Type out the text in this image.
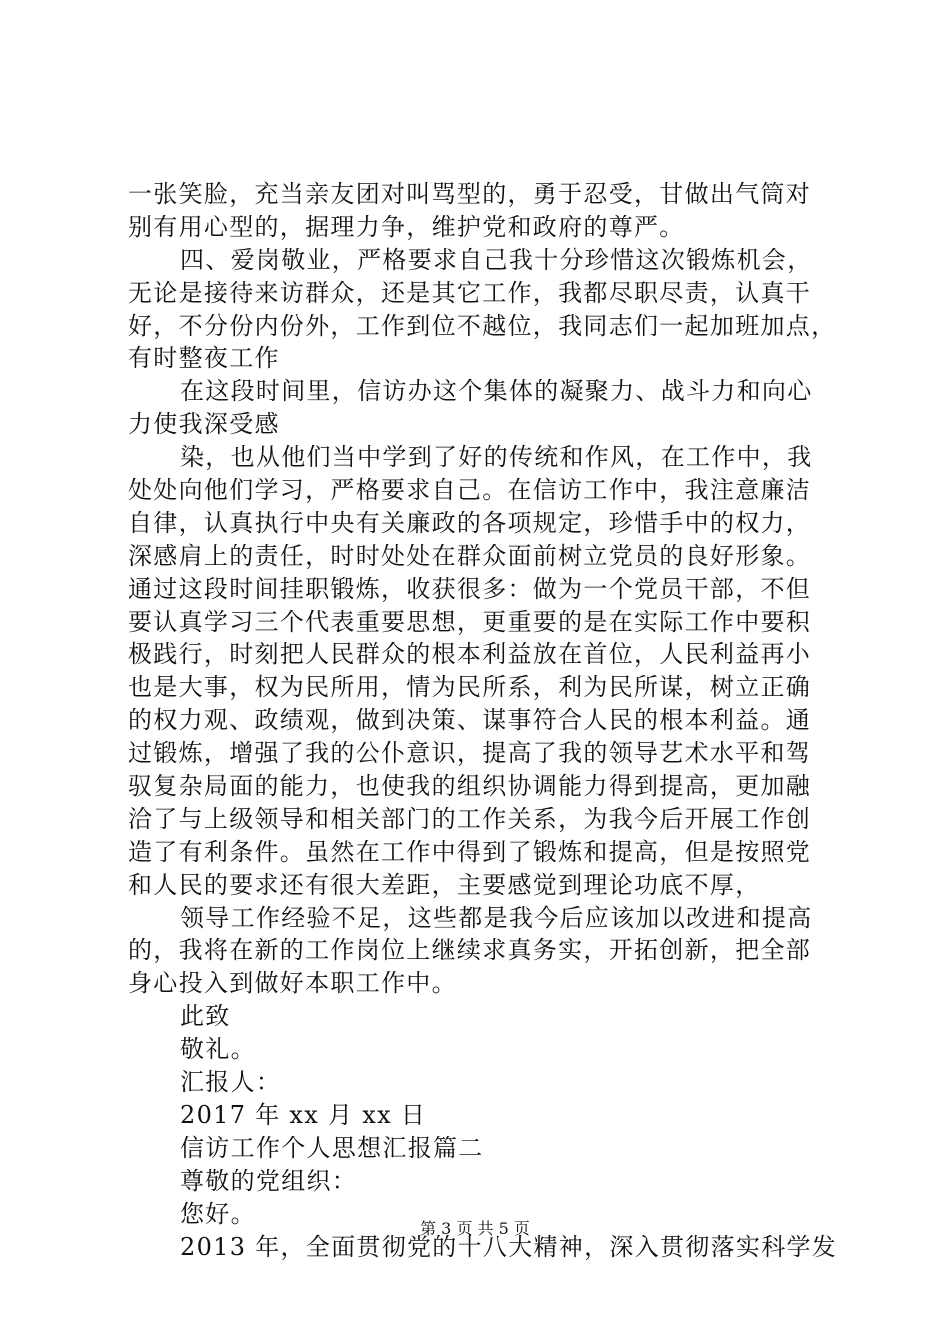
一张笑脸，充当亲友团对叫骂型的，勇于忍受，甘做出气筒对
别有用心型的，据理力争，维护党和政府的尊严。
四、爱岗敬业，严格要求自己我十分珍惜这次锻炼机会，
无论是接待来访群众，还是其它工作，我都尽职尽责，认真干
好，不分份内份外，工作到位不越位，我同志们一起加班加点，
有时整夜工作
在这段时间里，信访办这个集体的凝聚力、战斗力和向心
力使我深受感
染，也从他们当中学到了好的传统和作风，在工作中，我
处处向他们学习，严格要求自己。在信访工作中，我注意廉洁
自律，认真执行中央有关廉政的各项规定，珍惜手中的权力，
深感肩上的责任，时时处处在群众面前树立党员的良好形象。
通过这段时间挂职锻炼，收获很多：做为一个党员干部，不但
要认真学习三个代表重要思想，更重要的是在实际工作中要积
极践行，时刻把人民群众的根本利益放在首位，人民利益再小
也是大事，权为民所用，情为民所系，利为民所谋，树立正确
的权力观、政绩观，做到决策、谋事符合人民的根本利益。通
过锻炼，增强了我的公仆意识，提高了我的领导艺术水平和驾
驭复杂局面的能力，也使我的组织协调能力得到提高，更加融
洽了与上级领导和相关部门的工作关系，为我今后开展工作创
造了有利条件。虽然在工作中得到了锻炼和提高，但是按照党
和人民的要求还有很大差距，主要感觉到理论功底不厚，
领导工作经验不足，这些都是我今后应该加以改进和提高
的，我将在新的工作岗位上继续求真务实，开拓创新，把全部
身心投入到做好本职工作中。
此致
敬礼。
汇报人：
2017 年 xx 月 xx 日
信访工作个人思想汇报篇二
尊敬的党组织：
您好。
2013 年，全面贯彻党的十八大精神，深入贯彻落实科学发
第 3 页 共 5 页
